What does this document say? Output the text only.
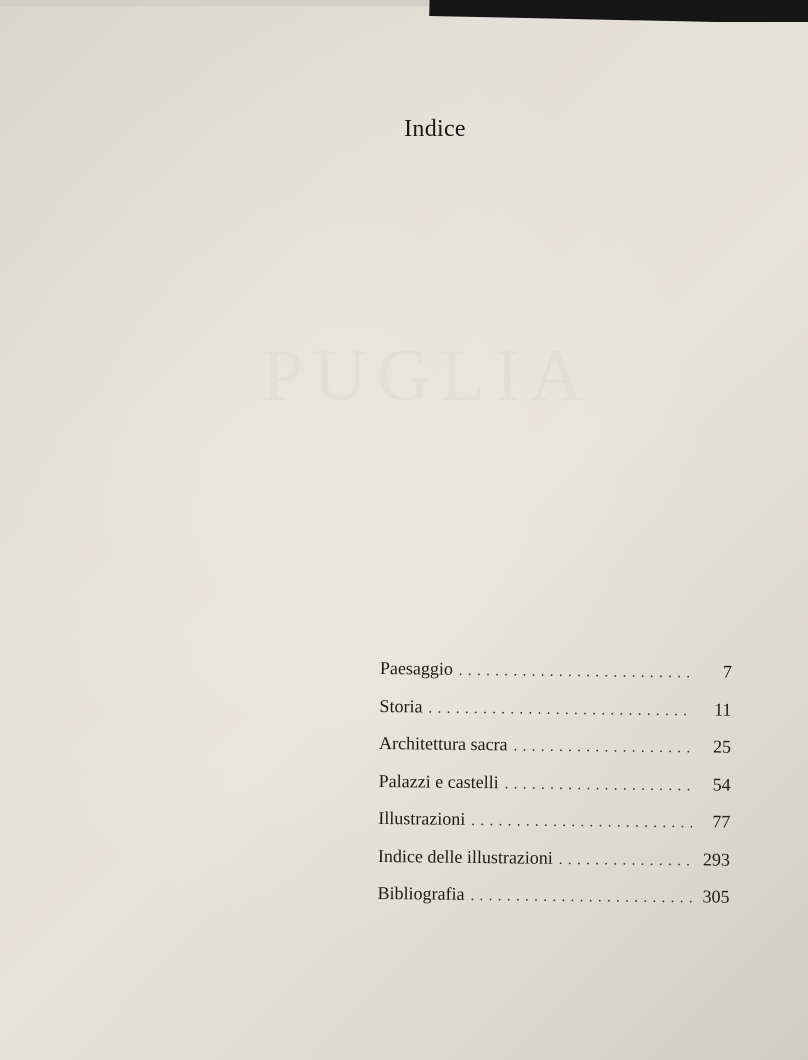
Indice
Paesaggio . . .	7
Storia . . .	11
Architettura sacra . . .	25
Palazzi e castelli . . .	54
Illustrazioni . . .	77
Indice delle illustrazioni . . .	293
Bibliografia . . .	305
